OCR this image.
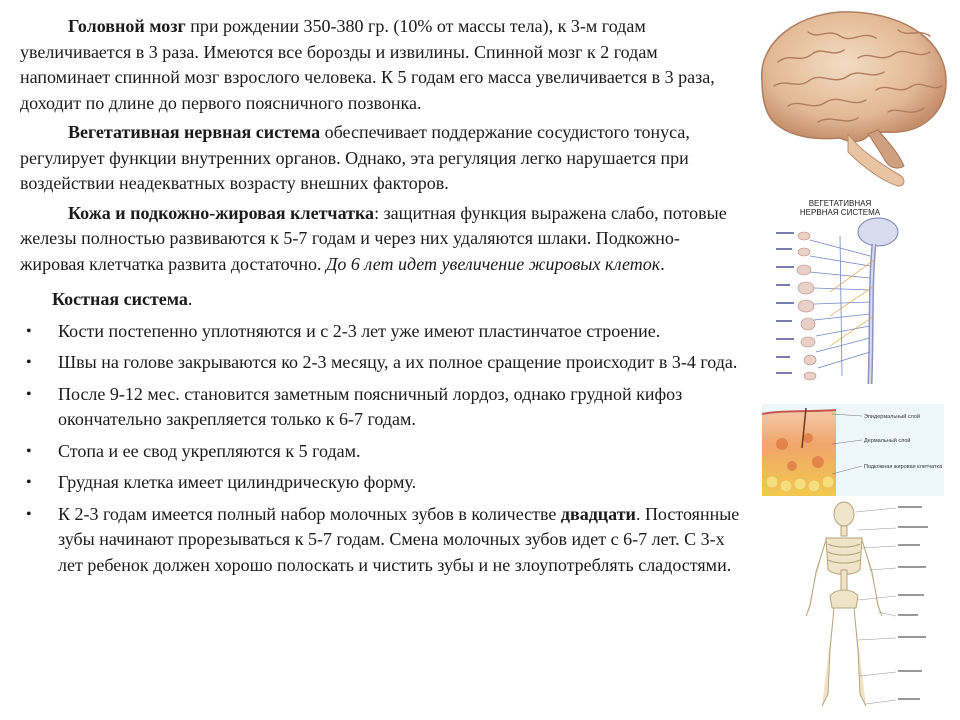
Головной мозг при рождении 350-380 гр. (10% от массы тела), к 3-м годам увеличивается в 3 раза. Имеются все борозды и извилины. Спинной мозг к 2 годам напоминает спинной мозг взрослого человека. К 5 годам его масса увеличивается в 3 раза, доходит по длине до первого поясничного позвонка.

Вегетативная нервная система обеспечивает поддержание сосудистого тонуса, регулирует функции внутренних органов. Однако, эта регуляция легко нарушается при воздействии неадекватных возрасту внешних факторов.

Кожа и подкожно-жировая клетчатка: защитная функция выражена слабо, потовые железы полностью развиваются к 5-7 годам и через них удаляются шлаки. Подкожно-жировая клетчатка развита достаточно. До 6 лет идет увеличение жировых клеток.

Костная система.

• Кости постепенно уплотняются и с 2-3 лет уже имеют пластинчатое строение.
• Швы на голове закрываются ко 2-3 месяцу, а их полное сращение происходит в 3-4 года.
• После 9-12 мес. становится заметным поясничный лордоз, однако грудной кифоз окончательно закрепляется только к 6-7 годам.
• Стопа и ее свод укрепляются к 5 годам.
• Грудная клетка имеет цилиндрическую форму.
• К 2-3 годам имеется полный набор молочных зубов в количестве двадцати. Постоянные зубы начинают прорезываться к 5-7 годам. Смена молочных зубов идет с 6-7 лет. С 3-х лет ребенок должен хорошо полоскать и чистить зубы и не злоупотреблять сладостями.
ВЕГЕТАТИВНАЯ
НЕРВНАЯ СИСТЕМА
Эпидермальный слой
Дермальный слой
Подкожная жировая клетчатка
